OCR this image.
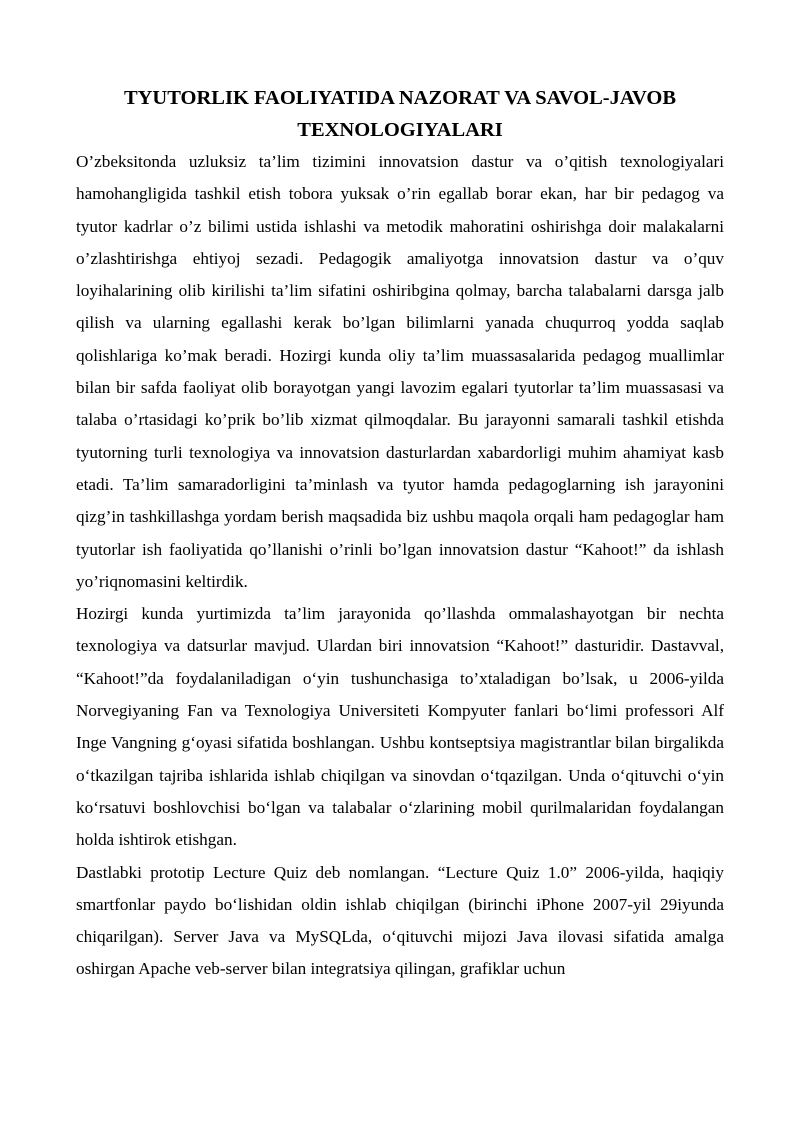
TYUTORLIK FAOLIYATIDA NAZORAT VA SAVOL-JAVOB
TEXNOLOGIYALARI

O’zbeksitonda uzluksiz ta’lim tizimini innovatsion dastur va o’qitish texnologiyalari hamohangligida tashkil etish tobora yuksak o’rin egallab borar ekan, har bir pedagog va tyutor kadrlar o’z bilimi ustida ishlashi va metodik mahoratini oshirishga doir malakalarni o’zlashtirishga ehtiyoj sezadi. Pedagogik amaliyotga innovatsion dastur va o’quv loyihalarining olib kirilishi ta’lim sifatini oshiribgina qolmay, barcha talabalarni darsga jalb qilish va ularning egallashi kerak bo’lgan bilimlarni yanada chuqurroq yodda saqlab qolishlariga ko’mak beradi. Hozirgi kunda oliy ta’lim muassasalarida pedagog muallimlar bilan bir safda faoliyat olib borayotgan yangi lavozim egalari tyutorlar ta’lim muassasasi va talaba o’rtasidagi ko’prik bo’lib xizmat qilmoqdalar. Bu jarayonni samarali tashkil etishda tyutorning turli texnologiya va innovatsion dasturlardan xabardorligi muhim ahamiyat kasb etadi. Ta’lim samaradorligini ta’minlash va tyutor hamda pedagoglarning ish jarayonini qizg’in tashkillashga yordam berish maqsadida biz ushbu maqola orqali ham pedagoglar ham tyutorlar ish faoliyatida qo’llanishi o’rinli bo’lgan innovatsion dastur “Kahoot!” da ishlash yo’riqnomasini keltirdik.

Hozirgi kunda yurtimizda ta’lim jarayonida qo’llashda ommalashayotgan bir nechta texnologiya va datsurlar mavjud. Ulardan biri innovatsion “Kahoot!” dasturidir. Dastavval, “Kahoot!”da foydalaniladigan o‘yin tushunchasiga to’xtaladigan bo’lsak, u 2006-yilda Norvegiyaning Fan va Texnologiya Universiteti Kompyuter fanlari bo‘limi professori Alf Inge Vangning g‘oyasi sifatida boshlangan. Ushbu kontseptsiya magistrantlar bilan birgalikda o‘tkazilgan tajriba ishlarida ishlab chiqilgan va sinovdan o‘tqazilgan. Unda o‘qituvchi o‘yin ko‘rsatuvi boshlovchisi bo‘lgan va talabalar o‘zlarining mobil qurilmalaridan foydalangan holda ishtirok etishgan.

Dastlabki prototip Lecture Quiz deb nomlangan. “Lecture Quiz 1.0” 2006-yilda, haqiqiy smartfonlar paydo bo‘lishidan oldin ishlab chiqilgan (birinchi iPhone 2007-yil 29iyunda chiqarilgan). Server Java va MySQLda, o‘qituvchi mijozi Java ilovasi sifatida amalga oshirgan Apache veb-server bilan integratsiya qilingan, grafiklar uchun
